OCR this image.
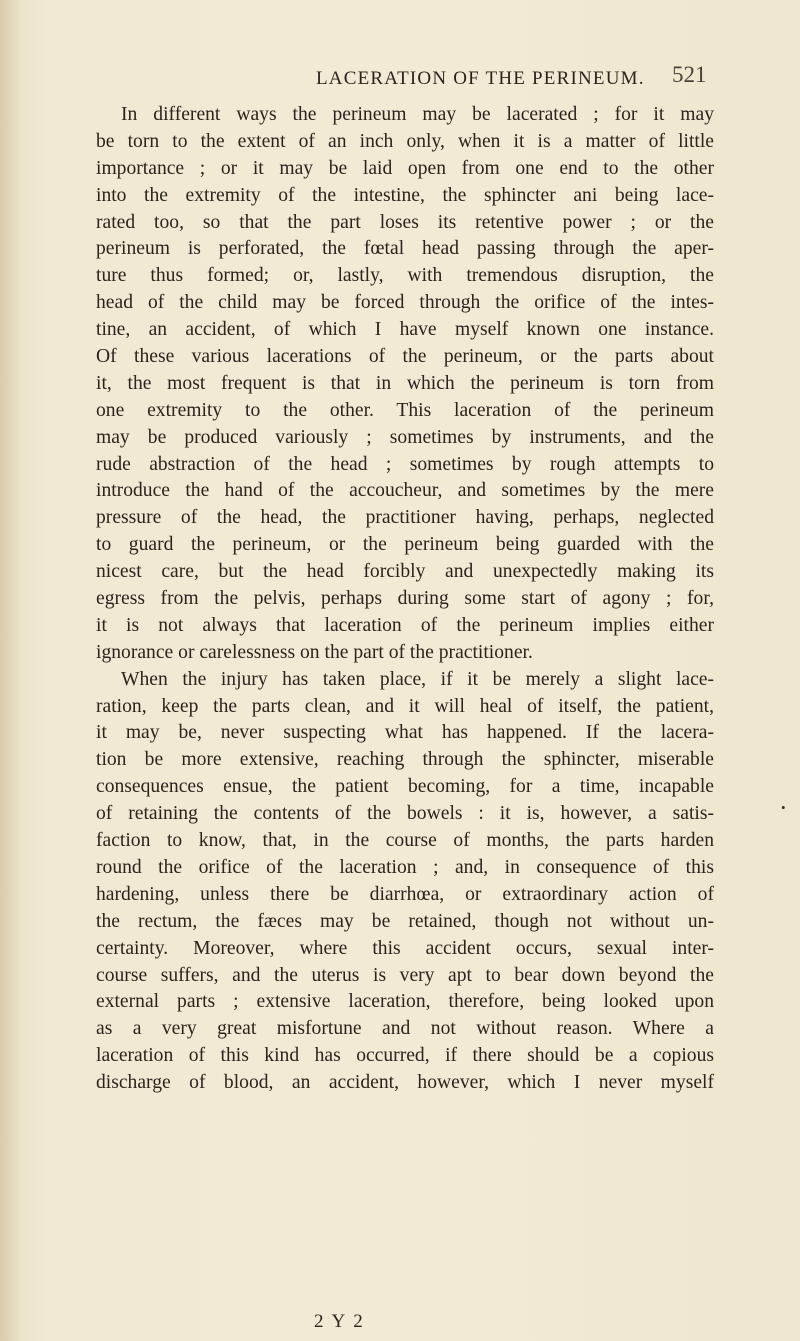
LACERATION OF THE PERINEUM. 521
In different ways the perineum may be lacerated ; for it may
be torn to the extent of an inch only, when it is a matter of little
importance ; or it may be laid open from one end to the other
into the extremity of the intestine, the sphincter ani being lace-
rated too, so that the part loses its retentive power ; or the
perineum is perforated, the fœtal head passing through the aper-
ture thus formed; or, lastly, with tremendous disruption, the
head of the child may be forced through the orifice of the intes-
tine, an accident, of which I have myself known one instance.
Of these various lacerations of the perineum, or the parts about
it, the most frequent is that in which the perineum is torn from
one extremity to the other. This laceration of the perineum
may be produced variously ; sometimes by instruments, and the
rude abstraction of the head ; sometimes by rough attempts to
introduce the hand of the accoucheur, and sometimes by the mere
pressure of the head, the practitioner having, perhaps, neglected
to guard the perineum, or the perineum being guarded with the
nicest care, but the head forcibly and unexpectedly making its
egress from the pelvis, perhaps during some start of agony ; for,
it is not always that laceration of the perineum implies either
ignorance or carelessness on the part of the practitioner.
When the injury has taken place, if it be merely a slight lace-
ration, keep the parts clean, and it will heal of itself, the patient,
it may be, never suspecting what has happened. If the lacera-
tion be more extensive, reaching through the sphincter, miserable
consequences ensue, the patient becoming, for a time, incapable
of retaining the contents of the bowels : it is, however, a satis-
faction to know, that, in the course of months, the parts harden
round the orifice of the laceration ; and, in consequence of this
hardening, unless there be diarrhœa, or extraordinary action of
the rectum, the fæces may be retained, though not without un-
certainty. Moreover, where this accident occurs, sexual inter-
course suffers, and the uterus is very apt to bear down beyond the
external parts ; extensive laceration, therefore, being looked upon
as a very great misfortune and not without reason. Where a
laceration of this kind has occurred, if there should be a copious
discharge of blood, an accident, however, which I never myself
•
2 Y 2
